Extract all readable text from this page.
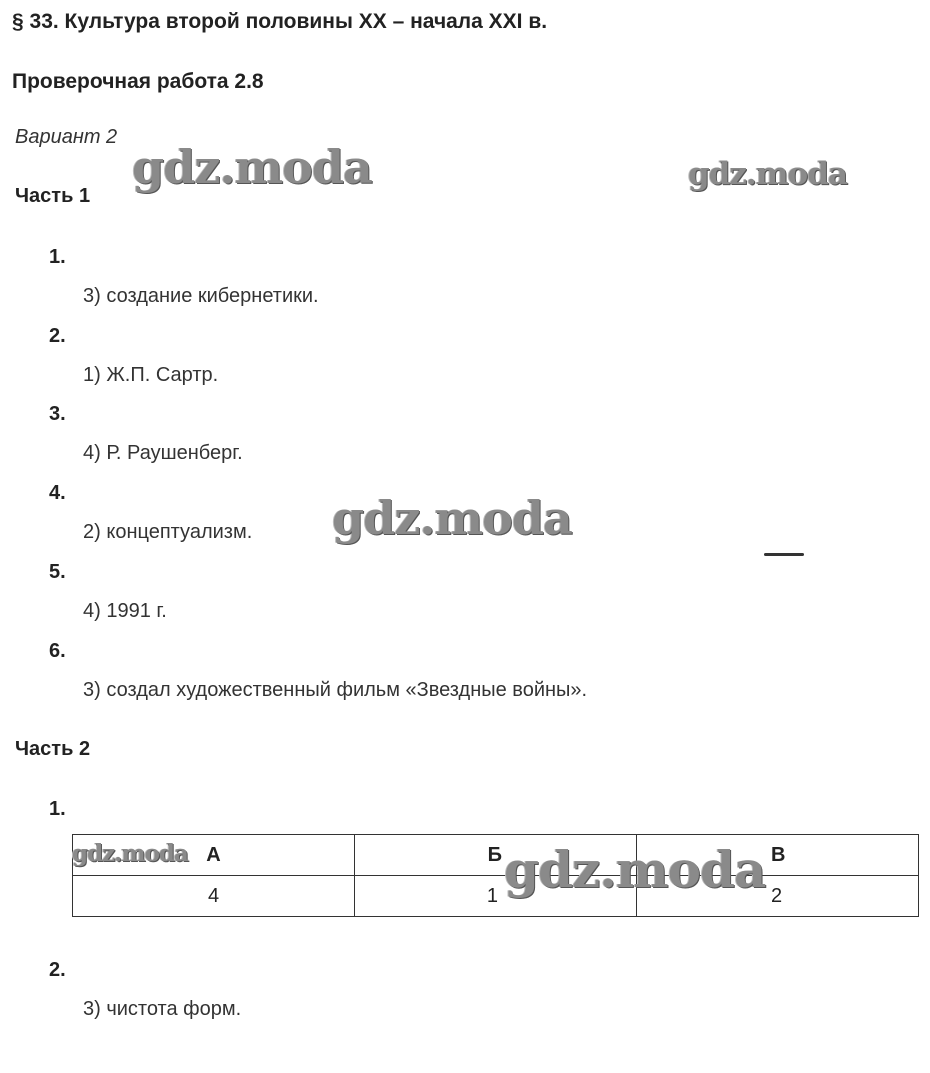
§ 33. Культура второй половины XX – начала XXI в.
Проверочная работа 2.8
Вариант 2
Часть 1
1.
3) создание кибернетики.
2.
1) Ж.П. Сартр.
3.
4) Р. Раушенберг.
4.
2) концептуализм.
5.
4) 1991 г.
6.
3) создал художественный фильм «Звездные войны».
Часть 2
1.
А	Б	В
4	1	2
2.
3) чистота форм.
gdz.moda	gdz.moda
gdz.moda
gdz.moda	gdz.moda
